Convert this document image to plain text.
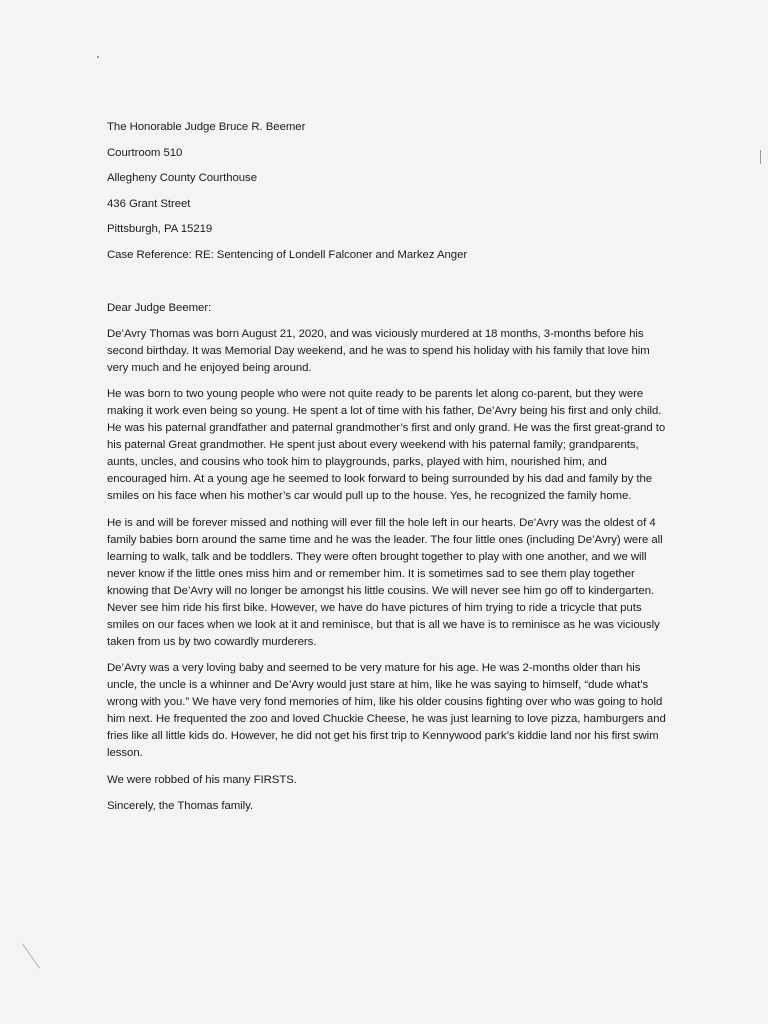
The Honorable Judge Bruce R. Beemer

Courtroom 510

Allegheny County Courthouse

436 Grant Street

Pittsburgh, PA 15219

Case Reference: RE: Sentencing of Londell Falconer and Markez Anger

Dear Judge Beemer:

De’Avry Thomas was born August 21, 2020, and was viciously murdered at 18 months, 3-months before his second birthday. It was Memorial Day weekend, and he was to spend his holiday with his family that love him very much and he enjoyed being around.

He was born to two young people who were not quite ready to be parents let along co-parent, but they were making it work even being so young. He spent a lot of time with his father, De’Avry being his first and only child. He was his paternal grandfather and paternal grandmother’s first and only grand. He was the first great-grand to his paternal Great grandmother. He spent just about every weekend with his paternal family; grandparents, aunts, uncles, and cousins who took him to playgrounds, parks, played with him, nourished him, and encouraged him. At a young age he seemed to look forward to being surrounded by his dad and family by the smiles on his face when his mother’s car would pull up to the house. Yes, he recognized the family home.

He is and will be forever missed and nothing will ever fill the hole left in our hearts. De’Avry was the oldest of 4 family babies born around the same time and he was the leader. The four little ones (including De’Avry) were all learning to walk, talk and be toddlers. They were often brought together to play with one another, and we will never know if the little ones miss him and or remember him. It is sometimes sad to see them play together knowing that De’Avry will no longer be amongst his little cousins. We will never see him go off to kindergarten. Never see him ride his first bike. However, we have do have pictures of him trying to ride a tricycle that puts smiles on our faces when we look at it and reminisce, but that is all we have is to reminisce as he was viciously taken from us by two cowardly murderers.

De’Avry was a very loving baby and seemed to be very mature for his age. He was 2-months older than his uncle, the uncle is a whinner and De’Avry would just stare at him, like he was saying to himself, “dude what’s wrong with you.” We have very fond memories of him, like his older cousins fighting over who was going to hold him next. He frequented the zoo and loved Chuckie Cheese, he was just learning to love pizza, hamburgers and fries like all little kids do. However, he did not get his first trip to Kennywood park’s kiddie land nor his first swim lesson.

We were robbed of his many FIRSTS.

Sincerely, the Thomas family.
